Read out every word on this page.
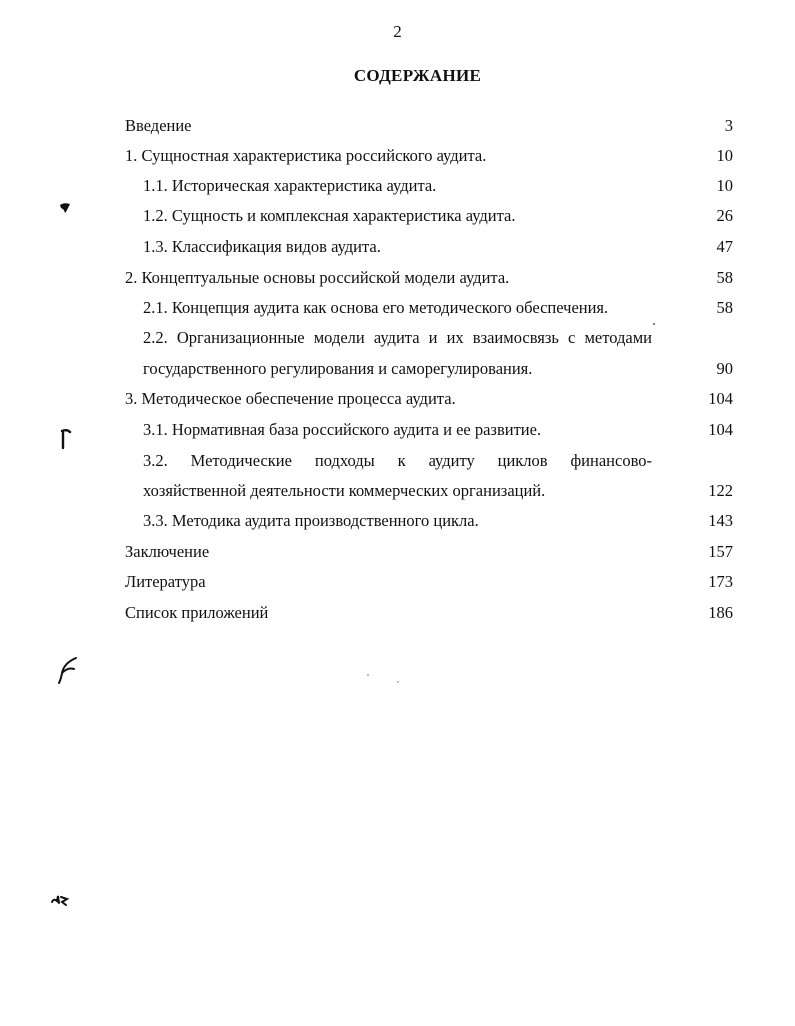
2
СОДЕРЖАНИЕ
Введение	3
1. Сущностная характеристика российского аудита.	10
1.1. Историческая характеристика аудита.	10
1.2. Сущность и комплексная характеристика аудита.	26
1.3. Классификация видов аудита.	47
2. Концептуальные основы российской модели аудита.	58
2.1. Концепция аудита как основа его методического обеспечения.	58
2.2. Организационные модели аудита и их взаимосвязь с методами
государственного регулирования и саморегулирования.	90
3. Методическое обеспечение процесса аудита.	104
3.1. Нормативная база российского аудита и ее развитие.	104
3.2. Методические подходы к аудиту циклов финансово-
хозяйственной деятельности коммерческих организаций.	122
3.3. Методика аудита производственного цикла.	143
Заключение	157
Литература	173
Список приложений	186
